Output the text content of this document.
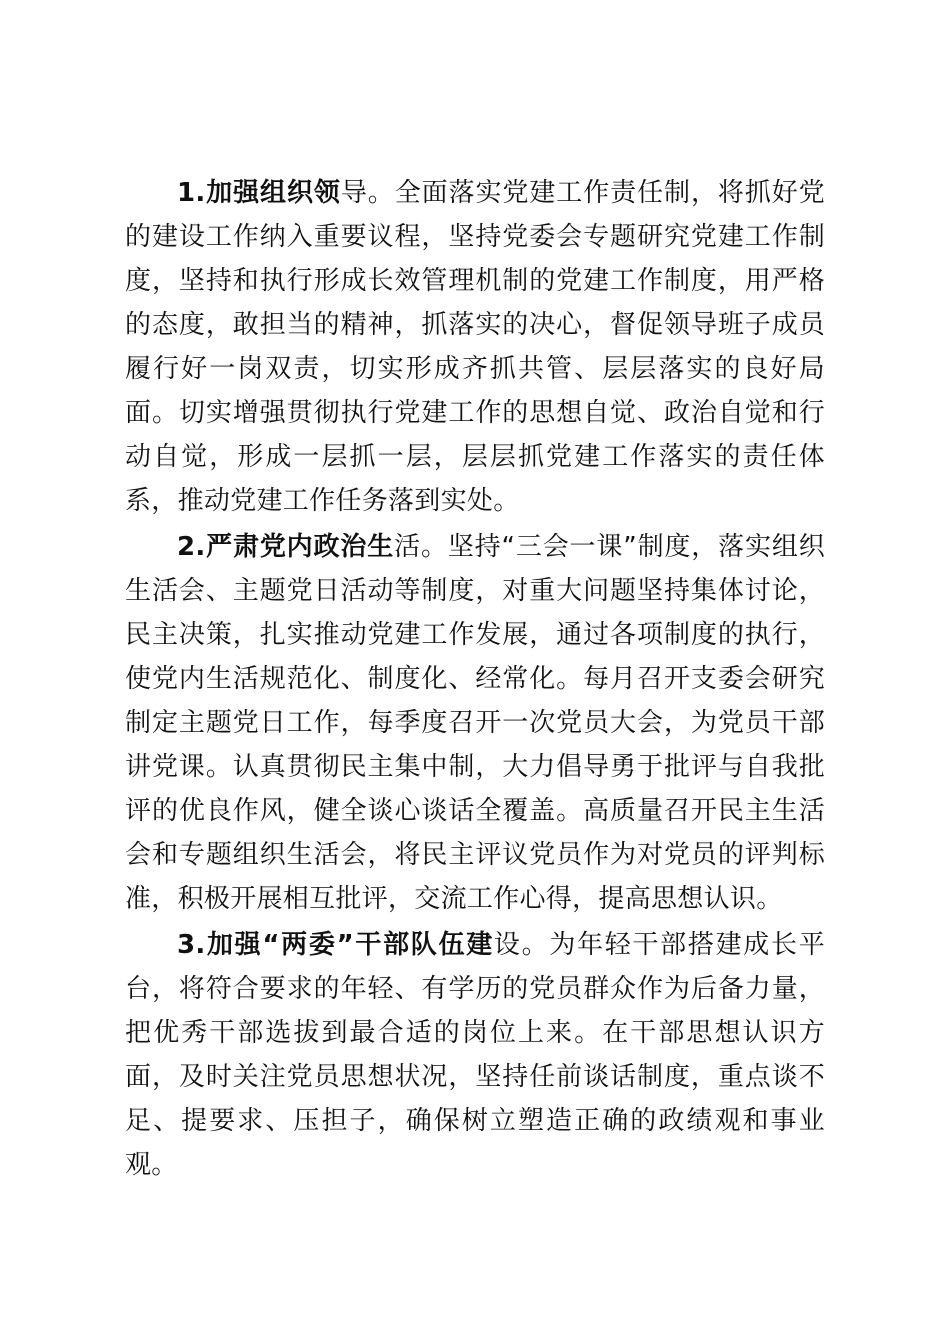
1.加强组织领导。全面落实党建工作责任制，将抓好党的建设工作纳入重要议程，坚持党委会专题研究党建工作制度，坚持和执行形成长效管理机制的党建工作制度，用严格的态度，敢担当的精神，抓落实的决心，督促领导班子成员履行好一岗双责，切实形成齐抓共管、层层落实的良好局面。切实增强贯彻执行党建工作的思想自觉、政治自觉和行动自觉，形成一层抓一层，层层抓党建工作落实的责任体系，推动党建工作任务落到实处。

2.严肃党内政治生活。坚持“三会一课”制度，落实组织生活会、主题党日活动等制度，对重大问题坚持集体讨论，民主决策，扎实推动党建工作发展，通过各项制度的执行，使党内生活规范化、制度化、经常化。每月召开支委会研究制定主题党日工作，每季度召开一次党员大会，为党员干部讲党课。认真贯彻民主集中制，大力倡导勇于批评与自我批评的优良作风，健全谈心谈话全覆盖。高质量召开民主生活会和专题组织生活会，将民主评议党员作为对党员的评判标准，积极开展相互批评，交流工作心得，提高思想认识。

3.加强“两委”干部队伍建设。为年轻干部搭建成长平台，将符合要求的年轻、有学历的党员群众作为后备力量，把优秀干部选拔到最合适的岗位上来。在干部思想认识方面，及时关注党员思想状况，坚持任前谈话制度，重点谈不足、提要求、压担子，确保树立塑造正确的政绩观和事业观。
